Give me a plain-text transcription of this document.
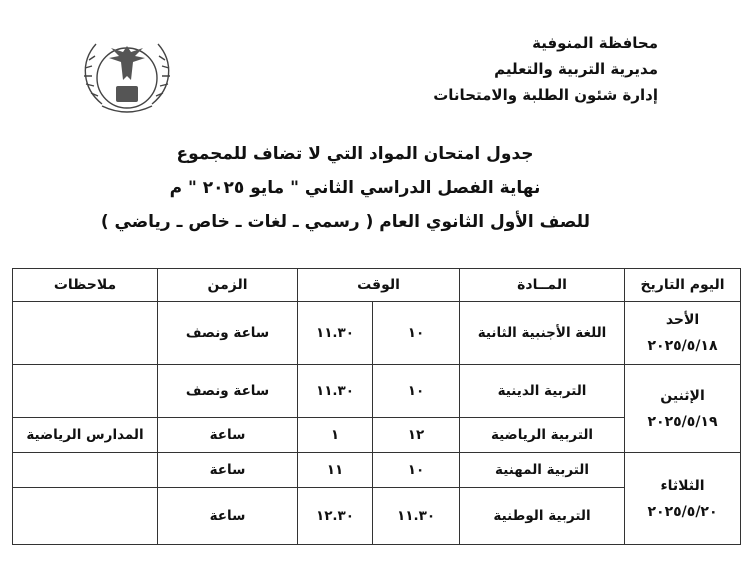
محافظة المنوفية
مديرية التربية والتعليم
إدارة شئون الطلبة والامتحانات
جدول امتحان المواد التي لا تضاف للمجموع
نهاية الفصل الدراسي الثاني " مايو ٢٠٢٥ " م
للصف الأول الثانوي العام ( رسمي ـ لغات ـ خاص ـ رياضي )
اليوم التاريخ	المــادة	الوقت		الزمن	ملاحظات

الأحد
٢٠٢٥/٥/١٨	اللغة الأجنبية الثانية	١٠	١١.٣٠	ساعة ونصف	

الإثنين
٢٠٢٥/٥/١٩	التربية الدينية	١٠	١١.٣٠	ساعة ونصف	
	التربية الرياضية	١٢	١	ساعة	المدارس الرياضية

الثلاثاء
٢٠٢٥/٥/٢٠	التربية المهنية	١٠	١١	ساعة	
	التربية الوطنية	١١.٣٠	١٢.٣٠	ساعة	
